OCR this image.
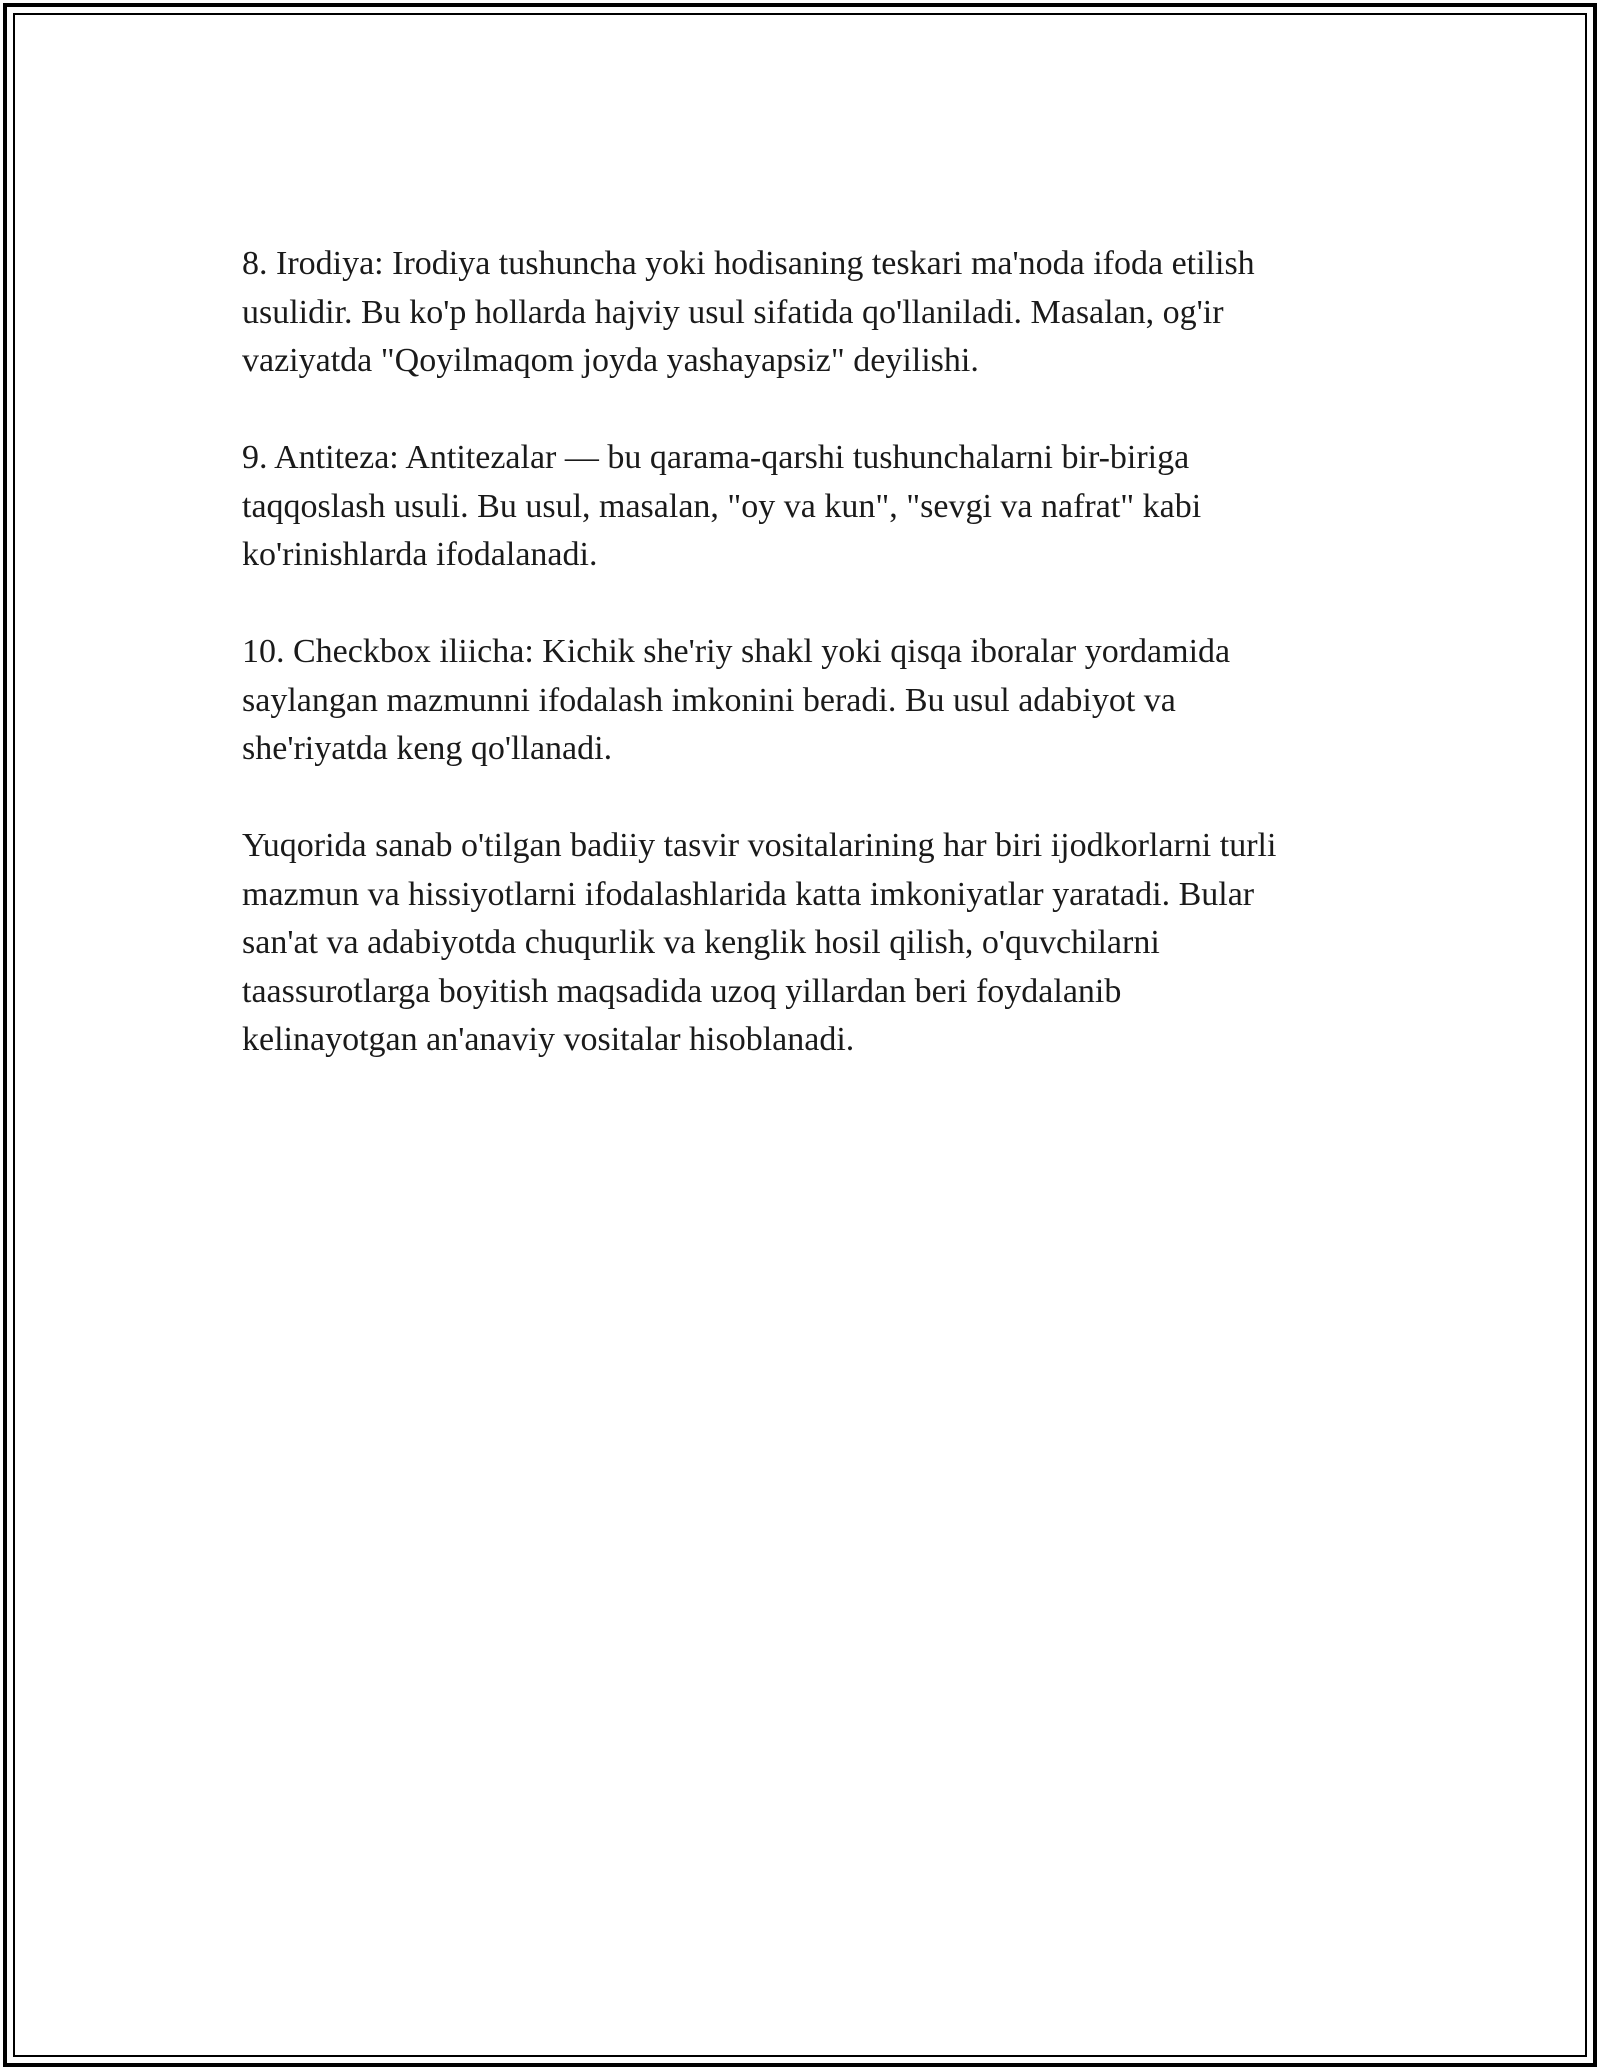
8. Irodiya: Irodiya tushuncha yoki hodisaning teskari ma'noda ifoda etilish
usulidir. Bu ko'p hollarda hajviy usul sifatida qo'llaniladi. Masalan, og'ir
vaziyatda "Qoyilmaqom joyda yashayapsiz" deyilishi.

9. Antiteza: Antitezalar — bu qarama-qarshi tushunchalarni bir-biriga
taqqoslash usuli. Bu usul, masalan, "oy va kun", "sevgi va nafrat" kabi
ko'rinishlarda ifodalanadi.

10. Checkbox iliicha: Kichik she'riy shakl yoki qisqa iboralar yordamida
saylangan mazmunni ifodalash imkonini beradi. Bu usul adabiyot va
she'riyatda keng qo'llanadi.

Yuqorida sanab o'tilgan badiiy tasvir vositalarining har biri ijodkorlarni turli
mazmun va hissiyotlarni ifodalashlarida katta imkoniyatlar yaratadi. Bular
san'at va adabiyotda chuqurlik va kenglik hosil qilish, o'quvchilarni
taassurotlarga boyitish maqsadida uzoq yillardan beri foydalanib
kelinayotgan an'anaviy vositalar hisoblanadi.
